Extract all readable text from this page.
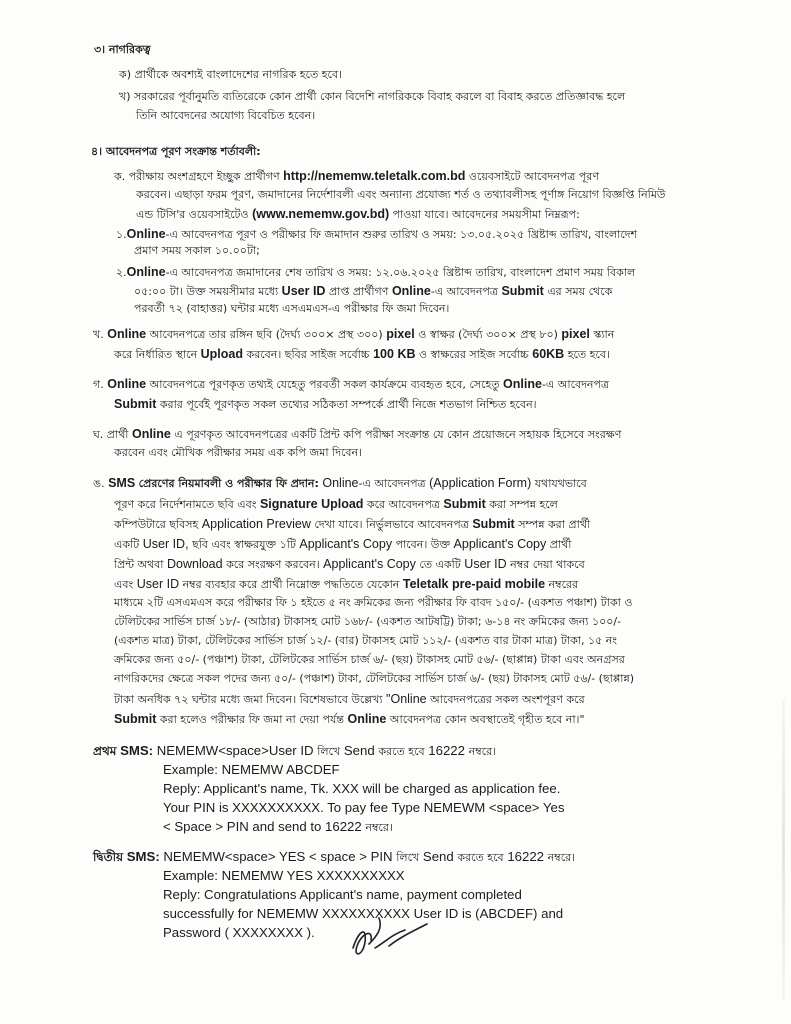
৩। নাগরিকত্ব
ক) প্রার্থীকে অবশ্যই বাংলাদেশের নাগরিক হতে হবে।
খ) সরকারের পূর্বানুমতি ব্যতিরেকে কোন প্রার্থী কোন বিদেশি নাগরিককে বিবাহ করলে বা বিবাহ করতে প্রতিজ্ঞাবদ্ধ হলে
তিনি আবেদনের অযোগ্য বিবেচিত হবেন।
৪। আবেদনপত্র পূরণ সংক্রান্ত শর্তাবলী:
ক. পরীক্ষায় অংশগ্রহণে ইচ্ছুক প্রার্থীগণ http://nememw.teletalk.com.bd ওয়েবসাইটে আবেদনপত্র পূরণ
করবেন। এছাড়া ফরম পূরণ, জমাদানের নির্দেশাবলী এবং অন্যান্য প্রযোজ্য শর্ত ও তথ্যাবলীসহ পূর্ণাঙ্গ নিয়োগ বিজ্ঞপ্তি নিমিউ
এন্ড টিসি'র ওয়েবসাইটেও (www.nememw.gov.bd) পাওয়া যাবে। আবেদনের সময়সীমা নিম্নরূপ:
১.Online-এ আবেদনপত্র পূরণ ও পরীক্ষার ফি জমাদান শুরুর তারিখ ও সময়: ১৩.০৫.২০২৫ খ্রিষ্টাব্দ তারিখ, বাংলাদেশ
প্রমাণ সময় সকাল ১০.০০টা;
২.Online-এ আবেদনপত্র জমাদানের শেষ তারিখ ও সময়: ১২.০৬.২০২৫ খ্রিষ্টাব্দ তারিখ, বাংলাদেশ প্রমাণ সময় বিকাল
০৫:০০ টা। উক্ত সময়সীমার মধ্যে User ID প্রাপ্ত প্রার্থীগণ Online-এ আবেদনপত্র Submit এর সময় থেকে
পরবর্তী ৭২ (বাহাত্তর) ঘন্টার মধ্যে এসএমএস-এ পরীক্ষার ফি জমা দিবেন।
খ. Online আবেদনপত্রে তার রঙ্গিন ছবি (দৈর্ঘ্য ৩০০× প্রস্থ ৩০০) pixel ও স্বাক্ষর (দৈর্ঘ্য ৩০০× প্রস্থ ৮০) pixel স্ক্যান
করে নির্ধারিত স্থানে Upload করবেন। ছবির সাইজ সর্বোচ্চ 100 KB ও স্বাক্ষরের সাইজ সর্বোচ্চ 60KB হতে হবে।
গ. Online আবেদনপত্রে পূরণকৃত তথ্যই যেহেতু পরবর্তী সকল কার্যক্রমে ব্যবহৃত হবে, সেহেতু Online-এ আবেদনপত্র
Submit করার পূর্বেই পূরণকৃত সকল তথ্যের সঠিকতা সম্পর্কে প্রার্থী নিজে শতভাগ নিশ্চিত হবেন।
ঘ. প্রার্থী Online এ পূরণকৃত আবেদনপত্রের একটি প্রিন্ট কপি পরীক্ষা সংক্রান্ত যে কোন প্রয়োজনে সহায়ক হিসেবে সংরক্ষণ
করবেন এবং মৌখিক পরীক্ষার সময় এক কপি জমা দিবেন।
ঙ. SMS প্রেরণের নিয়মাবলী ও পরীক্ষার ফি প্রদান: Online-এ আবেদনপত্র (Application Form) যথাযথভাবে
পূরণ করে নির্দেশনামতে ছবি এবং Signature Upload করে আবেদনপত্র Submit করা সম্পন্ন হলে
কম্পিউটারে ছবিসহ Application Preview দেখা যাবে। নির্ভুলভাবে আবেদনপত্র Submit সম্পন্ন করা প্রার্থী
একটি User ID, ছবি এবং স্বাক্ষরযুক্ত ১টি Applicant's Copy পাবেন। উক্ত Applicant's Copy প্রার্থী
প্রিন্ট অথবা Download করে সংরক্ষণ করবেন। Applicant's Copy তে একটি User ID নম্বর দেয়া থাকবে
এবং User ID নম্বর ব্যবহার করে প্রার্থী নিম্নোক্ত পদ্ধতিতে যেকোন Teletalk pre-paid mobile নম্বরের
মাধ্যমে ২টি এসএমএস করে পরীক্ষার ফি ১ হইতে ৫ নং ক্রমিকের জন্য পরীক্ষার ফি বাবদ ১৫০/- (একশত পঞ্চাশ) টাকা ও
টেলিটকের সার্ভিস চার্জ ১৮/- (আঠার) টাকাসহ মোট ১৬৮/- (একশত আটষট্টি) টাকা; ৬-১৪ নং ক্রমিকের জন্য ১০০/-
(একশত মাত্র) টাকা, টেলিটকের সার্ভিস চার্জ ১২/- (বার) টাকাসহ মোট ১১২/- (একশত বার টাকা মাত্র) টাকা, ১৫ নং
ক্রমিকের জন্য ৫০/- (পঞ্চাশ) টাকা, টেলিটকের সার্ভিস চার্জ ৬/- (ছয়) টাকাসহ মোট ৫৬/- (ছাপ্পান্ন) টাকা এবং অনগ্রসর
নাগরিকদের ক্ষেত্রে সকল পদের জন্য ৫০/- (পঞ্চাশ) টাকা, টেলিটকের সার্ভিস চার্জ ৬/- (ছয়) টাকাসহ মোট ৫৬/- (ছাপ্পান্ন)
টাকা অনধিক ৭২ ঘন্টার মধ্যে জমা দিবেন। বিশেষভাবে উল্লেখ্য "Online আবেদনপত্রের সকল অংশপূরণ করে
Submit করা হলেও পরীক্ষার ফি জমা না দেয়া পর্যন্ত Online আবেদনপত্র কোন অবস্থাতেই গৃহীত হবে না।"
প্রথম SMS: NEMEMW<space>User ID লিখে Send করতে হবে 16222 নম্বরে।
Example: NEMEMW ABCDEF
Reply: Applicant's name, Tk. XXX will be charged as application fee.
Your PIN is XXXXXXXXXX. To pay fee Type NEMEWM <space> Yes
< Space > PIN and send to 16222 নম্বরে।
দ্বিতীয় SMS: NEMEMW<space> YES < space > PIN লিখে Send করতে হবে 16222 নম্বরে।
Example: NEMEMW YES XXXXXXXXXX
Reply: Congratulations Applicant's name, payment completed
successfully for NEMEMW XXXXXXXXXX User ID is (ABCDEF) and
Password ( XXXXXXXX ).
